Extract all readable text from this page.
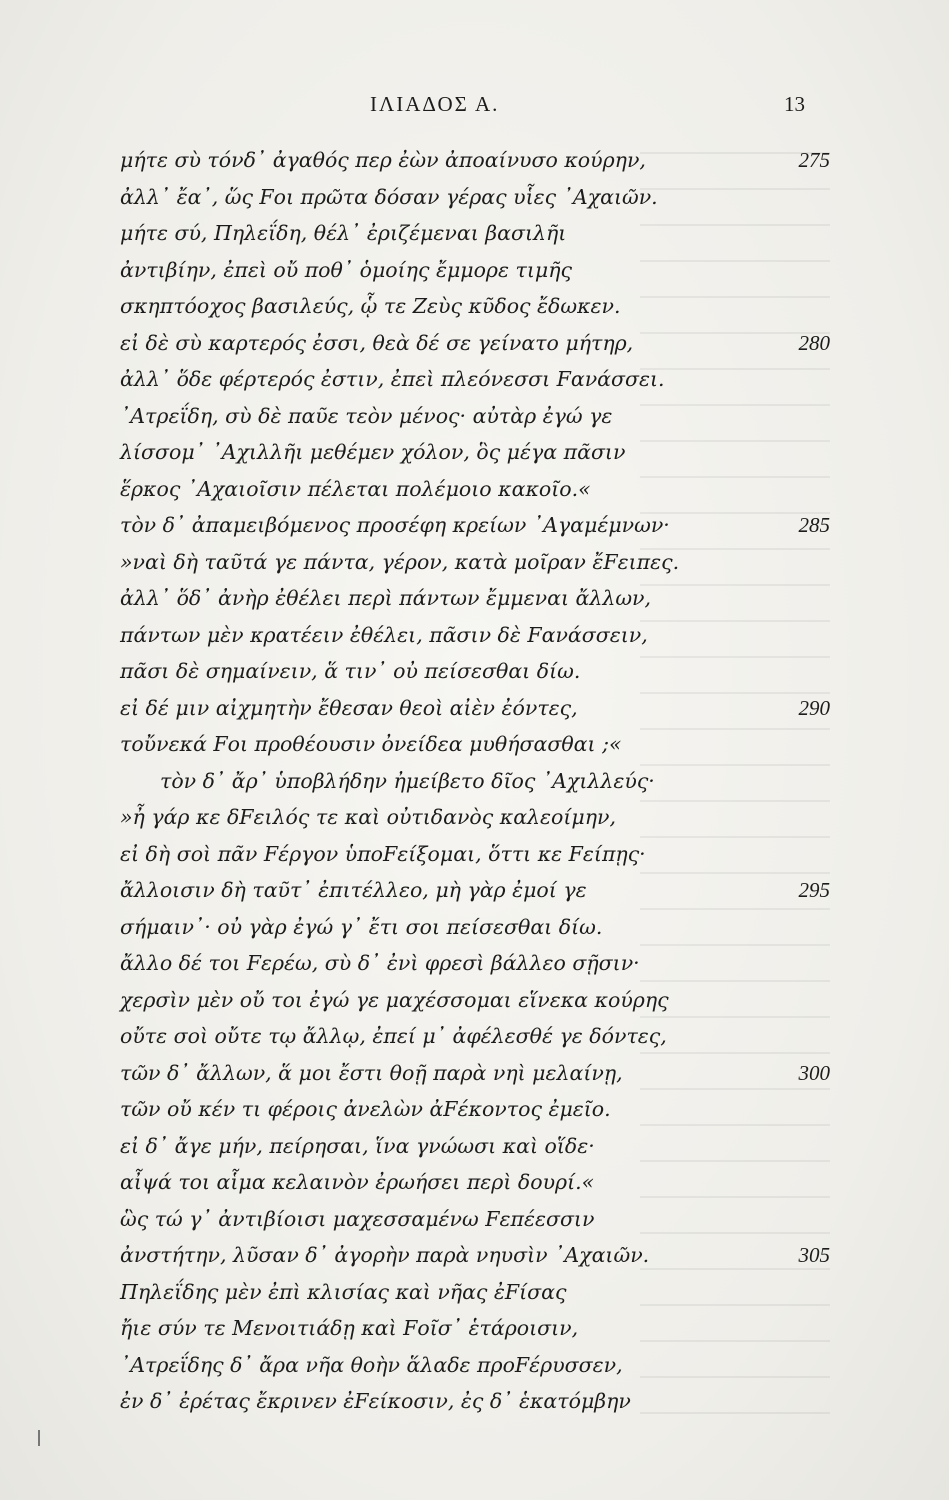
ΙΛΙΑΔΟΣ Α.	13
μήτε σὺ τόνδ᾽ ἀγαθός περ ἐὼν ἀποαίνυσο κούρην,	275
ἀλλ᾽ ἔα᾽, ὥς Fοι πρῶτα δόσαν γέρας υἷες ᾽Αχαιῶν.
μήτε σύ, Πηλεΐδη, θέλ᾽ ἐριζέμεναι βασιλῆι
ἀντιβίην, ἐπεὶ οὔ ποθ᾽ ὁμοίης ἔμμορε τιμῆς
σκηπτόοχος βασιλεύς, ᾧ τε Ζεὺς κῦδος ἔδωκεν.
εἰ δὲ σὺ καρτερός ἐσσι, θεὰ δέ σε γείνατο μήτηρ,	280
ἀλλ᾽ ὅδε φέρτερός ἐστιν, ἐπεὶ πλεόνεσσι Fανάσσει.
᾽Ατρεΐδη, σὺ δὲ παῦε τεὸν μένος· αὐτὰρ ἐγώ γε
λίσσομ᾽ ᾽Αχιλλῆι μεθέμεν χόλον, ὃς μέγα πᾶσιν
ἕρκος ᾽Αχαιοῖσιν πέλεται πολέμοιο κακοῖο.«
τὸν δ᾽ ἀπαμειβόμενος προσέφη κρείων ᾽Αγαμέμνων·	285
»ναὶ δὴ ταῦτά γε πάντα, γέρον, κατὰ μοῖραν ἔFειπες.
ἀλλ᾽ ὅδ᾽ ἀνὴρ ἐθέλει περὶ πάντων ἔμμεναι ἄλλων,
πάντων μὲν κρατέειν ἐθέλει, πᾶσιν δὲ Fανάσσειν,
πᾶσι δὲ σημαίνειν, ἅ τιν᾽ οὐ πείσεσθαι δίω.
εἰ δέ μιν αἰχμητὴν ἔθεσαν θεοὶ αἰὲν ἐόντες,	290
τοὔνεκά Fοι προθέουσιν ὀνείδεα μυθήσασθαι ;«
τὸν δ᾽ ἄρ᾽ ὑποβλήδην ἠμείβετο δῖος ᾽Αχιλλεύς·
»ἦ γάρ κε δFειλός τε καὶ οὐτιδανὸς καλεοίμην,
εἰ δὴ σοὶ πᾶν Fέργον ὑποFείξομαι, ὅττι κε Fείπῃς·
ἄλλοισιν δὴ ταῦτ᾽ ἐπιτέλλεο, μὴ γὰρ ἐμοί γε	295
σήμαιν᾽· οὐ γὰρ ἐγώ γ᾽ ἔτι σοι πείσεσθαι δίω.
ἄλλο δέ τοι Fερέω, σὺ δ᾽ ἐνὶ φρεσὶ βάλλεο σῇσιν·
χερσὶν μὲν οὔ τοι ἐγώ γε μαχέσσομαι εἵνεκα κούρης
οὔτε σοὶ οὔτε τῳ ἄλλῳ, ἐπεί μ᾽ ἀφέλεσθέ γε δόντες,
τῶν δ᾽ ἄλλων, ἅ μοι ἔστι θοῇ παρὰ νηὶ μελαίνῃ,	300
τῶν οὔ κέν τι φέροις ἀνελὼν ἀFέκοντος ἐμεῖο.
εἰ δ᾽ ἄγε μήν, πείρησαι, ἵνα γνώωσι καὶ οἵδε·
αἶψά τοι αἷμα κελαινὸν ἐρωήσει περὶ δουρί.«
ὣς τώ γ᾽ ἀντιβίοισι μαχεσσαμένω Fεπέεσσιν
ἀνστήτην, λῦσαν δ᾽ ἀγορὴν παρὰ νηυσὶν ᾽Αχαιῶν.	305
Πηλεΐδης μὲν ἐπὶ κλισίας καὶ νῆας ἐFίσας
ἤιε σύν τε Μενοιτιάδῃ καὶ Fοῖσ᾽ ἑτάροισιν,
᾽Ατρεΐδης δ᾽ ἄρα νῆα θοὴν ἅλαδε προFέρυσσεν,
ἐν δ᾽ ἐρέτας ἔκρινεν ἐFείκοσιν, ἐς δ᾽ ἑκατόμβην
